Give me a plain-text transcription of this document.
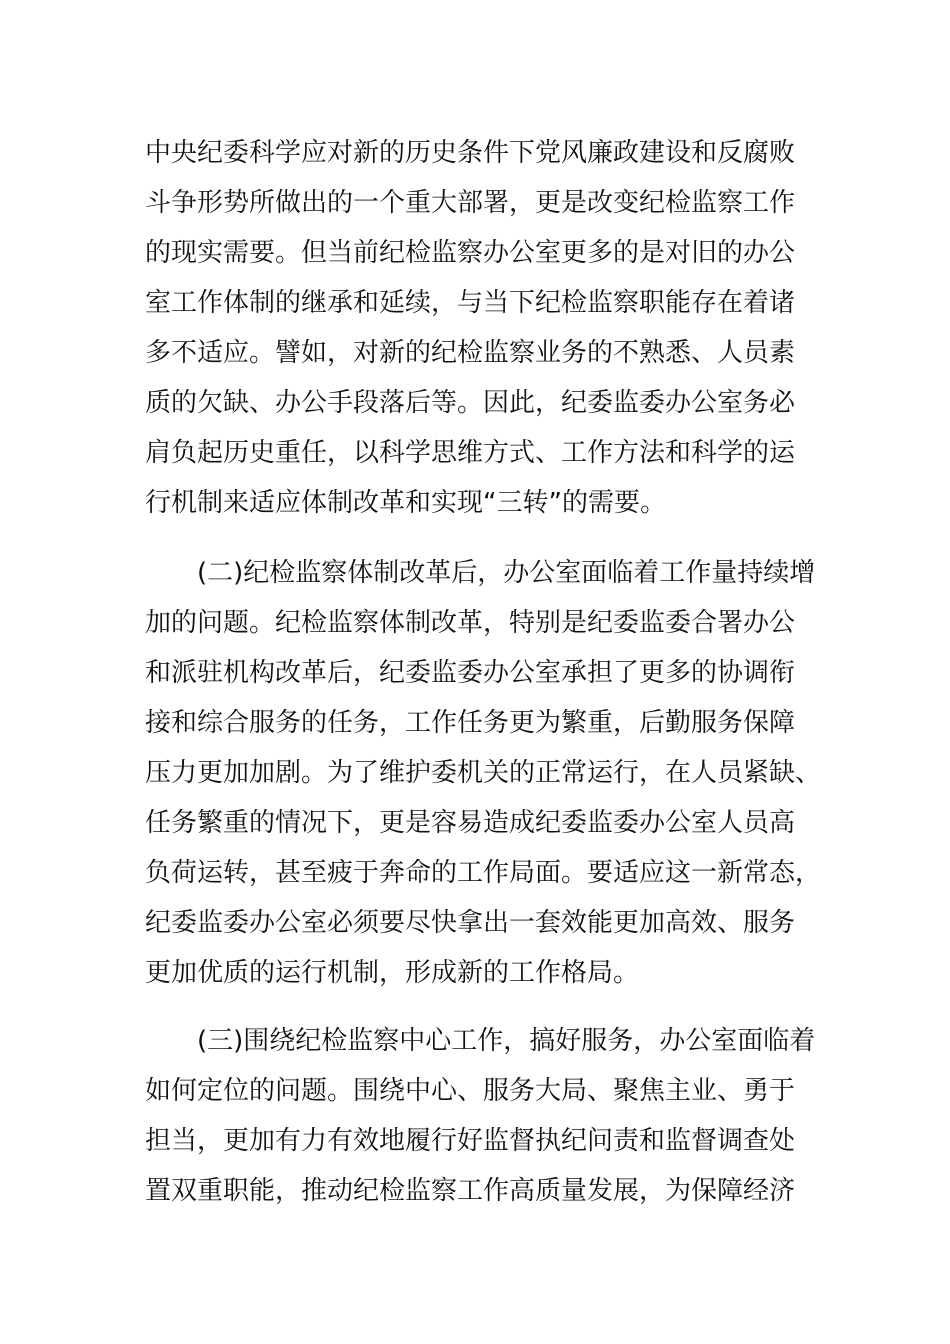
中央纪委科学应对新的历史条件下党风廉政建设和反腐败
斗争形势所做出的一个重大部署，更是改变纪检监察工作
的现实需要。但当前纪检监察办公室更多的是对旧的办公
室工作体制的继承和延续，与当下纪检监察职能存在着诸
多不适应。譬如，对新的纪检监察业务的不熟悉、人员素
质的欠缺、办公手段落后等。因此，纪委监委办公室务必
肩负起历史重任，以科学思维方式、工作方法和科学的运
行机制来适应体制改革和实现“三转”的需要。
(二)纪检监察体制改革后，办公室面临着工作量持续增
加的问题。纪检监察体制改革，特别是纪委监委合署办公
和派驻机构改革后，纪委监委办公室承担了更多的协调衔
接和综合服务的任务，工作任务更为繁重，后勤服务保障
压力更加加剧。为了维护委机关的正常运行，在人员紧缺、
任务繁重的情况下，更是容易造成纪委监委办公室人员高
负荷运转，甚至疲于奔命的工作局面。要适应这一新常态，
纪委监委办公室必须要尽快拿出一套效能更加高效、服务
更加优质的运行机制，形成新的工作格局。
(三)围绕纪检监察中心工作，搞好服务，办公室面临着
如何定位的问题。围绕中心、服务大局、聚焦主业、勇于
担当，更加有力有效地履行好监督执纪问责和监督调查处
置双重职能，推动纪检监察工作高质量发展，为保障经济
